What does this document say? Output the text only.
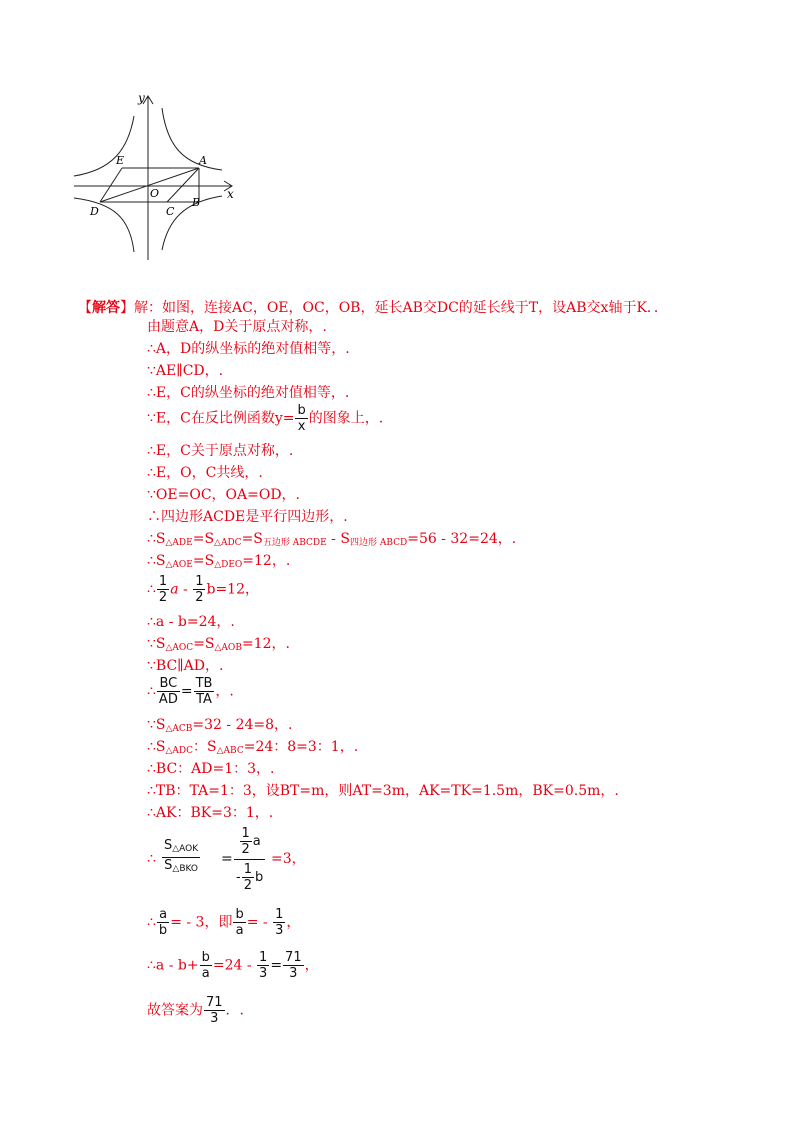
y
x
E	A
O
D	C
B
【解答】解：如图，连接AC，OE，OC，OB，延长AB交DC的延长线于T，设AB交x轴于K．．
由题意A，D关于原点对称，.
∴A，D的纵坐标的绝对值相等，.
∵AE∥CD，.
∴E，C的纵坐标的绝对值相等，.
∵E，C在反比例函数$y= \frac{b}{x}$ 的图象上，.
∴E，C关于原点对称，.
∴E，O，C共线，.
∵OE=OC，OA=OD，.
∴四边形ACDE是平行四边形，.
$\therefore S_{\triangle ADE}=S_{\triangle ADC}=S_{五边形 ABCDE} - S_{四边形 ABCD}=56 - 32=24$，.
$\therefore S_{\triangle AOE}=S_{\triangle DEO}=12$，.
∴ $\frac{1}{2}$ $a - \frac{1}{2} b=12$，
∴a - b=24，.
$\because S_{\triangle AOC}=S_{\triangle AOB}=12$，.
∵BC∥AD，.
∴ $\frac{BC}{AD} = \frac{TB}{TA}$ ，.
$\because S_{\triangle ACB}=32 - 24=8$，.
$\therefore S_{\triangle ADC}$：$S_{\triangle ABC}=24$：8=3：1，.
∴BC：AD=1：3，.
∴TB：TA=1：3，设BT=m，则AT=3m，AK=TK=1.5m，BK=0.5m，.
∴AK：BK=3：1，.
∴
$S_{\triangle AOK}$
$S_{\triangle BKO}$
= $\frac{\frac{1}{2} a}{- \frac{1}{2} b} =3$，
∴ $\frac{a}{b}$ = - 3，即 $\frac{b}{a}$ = - $\frac{1}{3}$ ，
∴a - $b+ \frac{b}{a} =24 - \frac{1}{3} = \frac{71}{3}$ ，
故答案为 $\frac{71}{3}$ ．.
